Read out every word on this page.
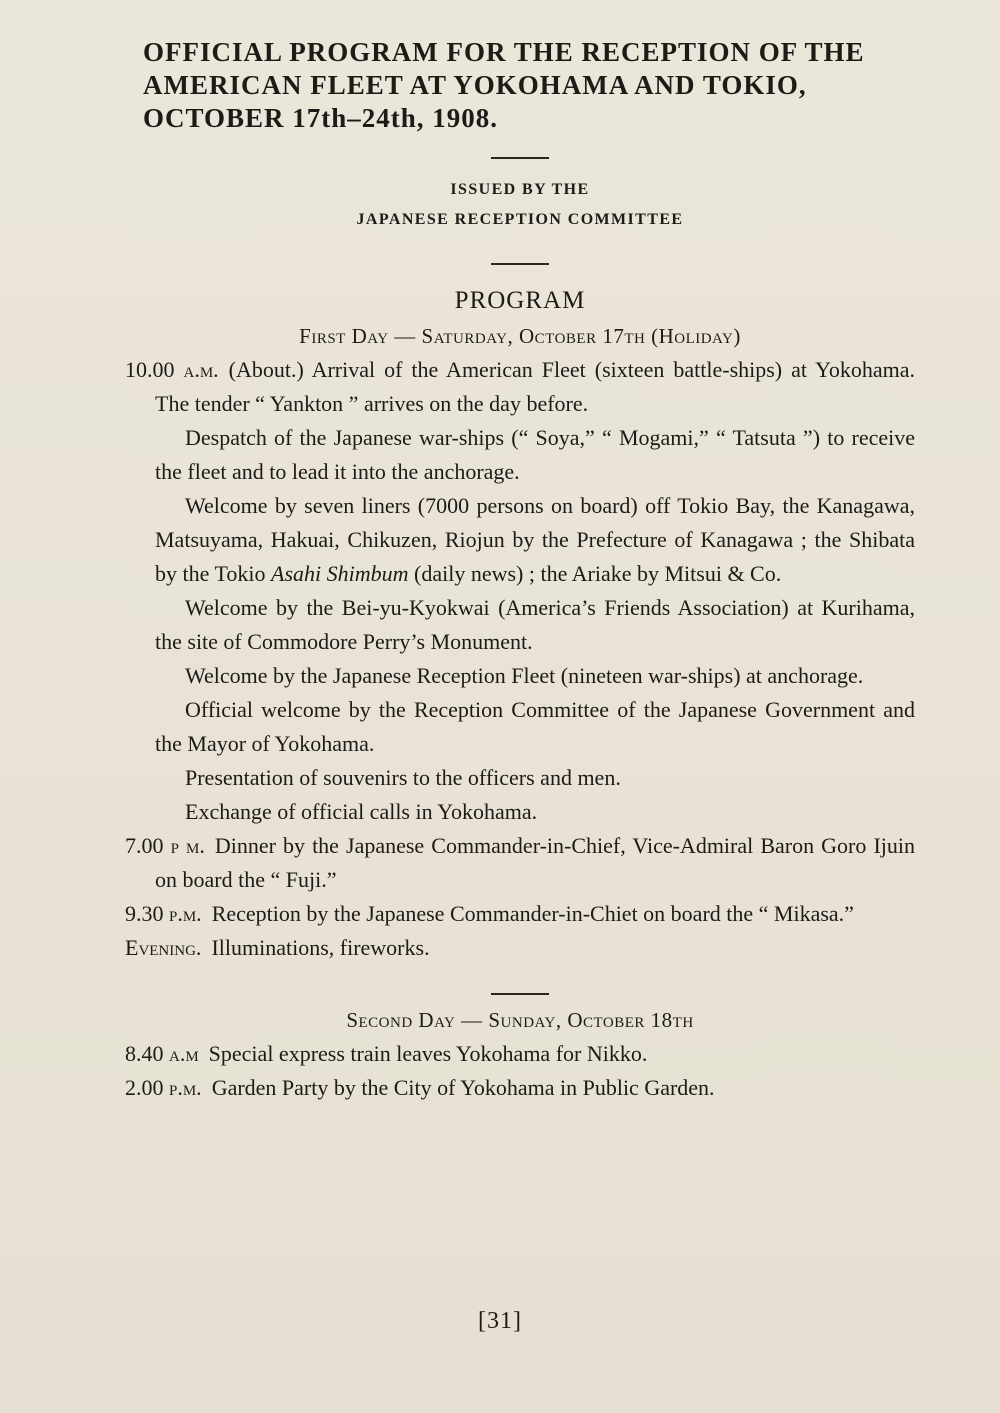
OFFICIAL PROGRAM FOR THE RECEPTION OF THE AMERICAN FLEET AT YOKOHAMA AND TOKIO, OCTOBER 17th–24th, 1908.
ISSUED BY THE
JAPANESE RECEPTION COMMITTEE
PROGRAM
First Day — Saturday, October 17th (Holiday)

10.00 a.m. (About.) Arrival of the American Fleet (sixteen battle-ships) at Yokohama. The tender “ Yankton ” arrives on the day before.

Despatch of the Japanese war-ships (“ Soya,” “ Mogami,” “ Tatsuta ”) to receive the fleet and to lead it into the anchorage.

Welcome by seven liners (7000 persons on board) off Tokio Bay, the Kanagawa, Matsuyama, Hakuai, Chikuzen, Riojun by the Prefecture of Kanagawa ; the Shibata by the Tokio Asahi Shimbum (daily news) ; the Ariake by Mitsui & Co.

Welcome by the Bei-yu-Kyokwai (America’s Friends Association) at Kurihama, the site of Commodore Perry’s Monument.

Welcome by the Japanese Reception Fleet (nineteen war-ships) at anchorage.

Official welcome by the Reception Committee of the Japanese Government and the Mayor of Yokohama.

Presentation of souvenirs to the officers and men.

Exchange of official calls in Yokohama.

7.00 p m. Dinner by the Japanese Commander-in-Chief, Vice-Admiral Baron Goro Ijuin on board the “ Fuji.”

9.30 p.m. Reception by the Japanese Commander-in-Chiet on board the “ Mikasa.”

Evening. Illuminations, fireworks.

Second Day — Sunday, October 18th

8.40 a.m Special express train leaves Yokohama for Nikko.

2.00 p.m. Garden Party by the City of Yokohama in Public Garden.

[31]
